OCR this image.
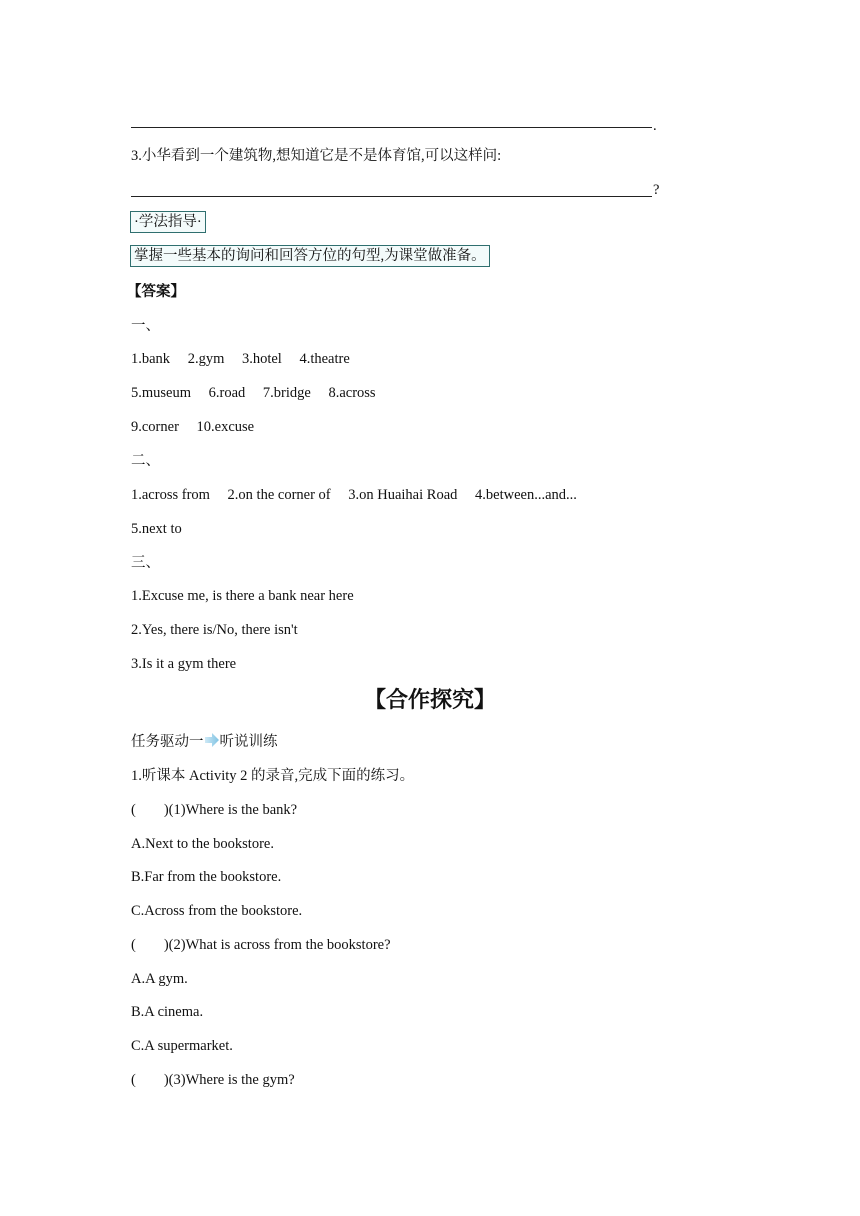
.
3.小华看到一个建筑物,想知道它是不是体育馆,可以这样问:
?
·学法指导·
掌握一些基本的询问和回答方位的句型,为课堂做准备。
【答案】
一、
1.bank 2.gym 3.hotel 4.theatre
5.museum 6.road 7.bridge 8.across
9.corner 10.excuse
二、
1.across from 2.on the corner of 3.on Huaihai Road 4.between...and...
5.next to
三、
1.Excuse me, is there a bank near here
2.Yes, there is/No, there isn't
3.Is it a gym there
【合作探究】
任务驱动一 听说训练
1.听课本 Activity 2 的录音,完成下面的练习。
( )(1)Where is the bank?
A.Next to the bookstore.
B.Far from the bookstore.
C.Across from the bookstore.
( )(2)What is across from the bookstore?
A.A gym.
B.A cinema.
C.A supermarket.
( )(3)Where is the gym?
